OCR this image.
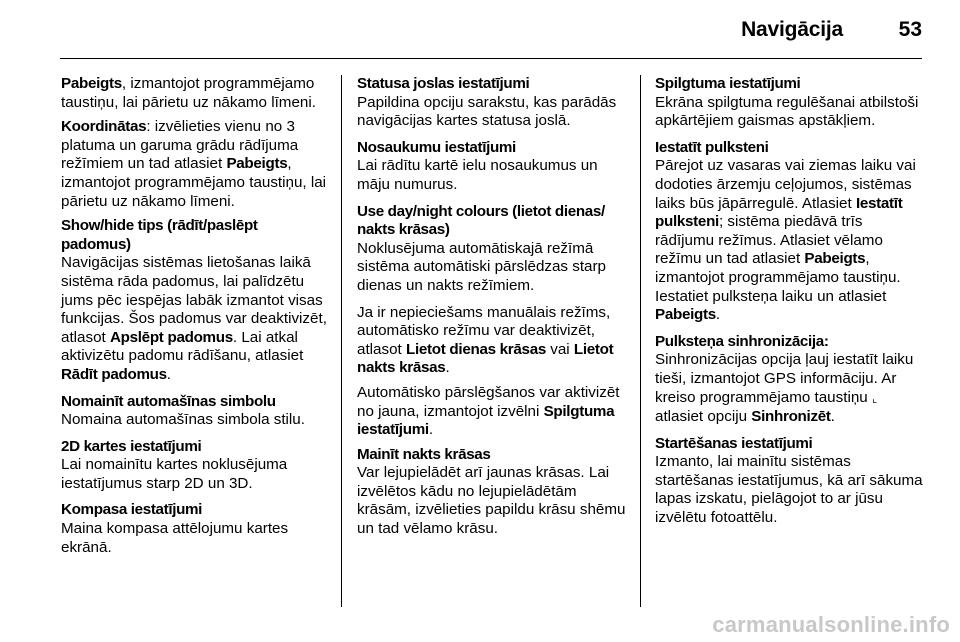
Navigācija	53
Pabeigts, izmantojot programmējamo taustiņu, lai pārietu uz nākamo līmeni.
Koordinātas: izvēlieties vienu no 3 platuma un garuma grādu rādījuma režīmiem un tad atlasiet Pabeigts, izmantojot programmējamo taustiņu, lai pārietu uz nākamo līmeni.
Show/hide tips (rādīt/paslēpt padomus)
Navigācijas sistēmas lietošanas laikā sistēma rāda padomus, lai palīdzētu jums pēc iespējas labāk izmantot visas funkcijas. Šos padomus var deaktivizēt, atlasot Apslēpt padomus. Lai atkal aktivizētu padomu rādīšanu, atlasiet Rādīt padomus.
Nomainīt automašīnas simbolu
Nomaina automašīnas simbola stilu.
2D kartes iestatījumi
Lai nomainītu kartes noklusējuma iestatījumus starp 2D un 3D.
Kompasa iestatījumi
Maina kompasa attēlojumu kartes ekrānā.
Statusa joslas iestatījumi
Papildina opciju sarakstu, kas parādās navigācijas kartes statusa joslā.
Nosaukumu iestatījumi
Lai rādītu kartē ielu nosaukumus un māju numurus.
Use day/night colours (lietot dienas/ nakts krāsas)
Noklusējuma automātiskajā režīmā sistēma automātiski pārslēdzas starp dienas un nakts režīmiem.
Ja ir nepieciešams manuālais režīms, automātisko režīmu var deaktivizēt, atlasot Lietot dienas krāsas vai Lietot nakts krāsas.
Automātisko pārslēgšanos var aktivizēt no jauna, izmantojot izvēlni Spilgtuma iestatījumi.
Mainīt nakts krāsas
Var lejupielādēt arī jaunas krāsas. Lai izvēlētos kādu no lejupielādētām krāsām, izvēlieties papildu krāsu shēmu un tad vēlamo krāsu.
Spilgtuma iestatījumi
Ekrāna spilgtuma regulēšanai atbilstoši apkārtējiem gaismas apstākļiem.
Iestatīt pulksteni
Pārejot uz vasaras vai ziemas laiku vai dodoties ārzemju ceļojumos, sistēmas laiks būs jāpārregulē. Atlasiet Iestatīt pulksteni; sistēma piedāvā trīs rādījumu režīmus. Atlasiet vēlamo režīmu un tad atlasiet Pabeigts, izmantojot programmējamo taustiņu. Iestatiet pulksteņa laiku un atlasiet Pabeigts.
Pulksteņa sinhronizācija:
Sinhronizācijas opcija ļauj iestatīt laiku tieši, izmantojot GPS informāciju. Ar kreiso programmējamo taustiņu ⌞ atlasiet opciju Sinhronizēt.
Startēšanas iestatījumi
Izmanto, lai mainītu sistēmas startēšanas iestatījumus, kā arī sākuma lapas izskatu, pielāgojot to ar jūsu izvēlētu fotoattēlu.
carmanualsonline.info
